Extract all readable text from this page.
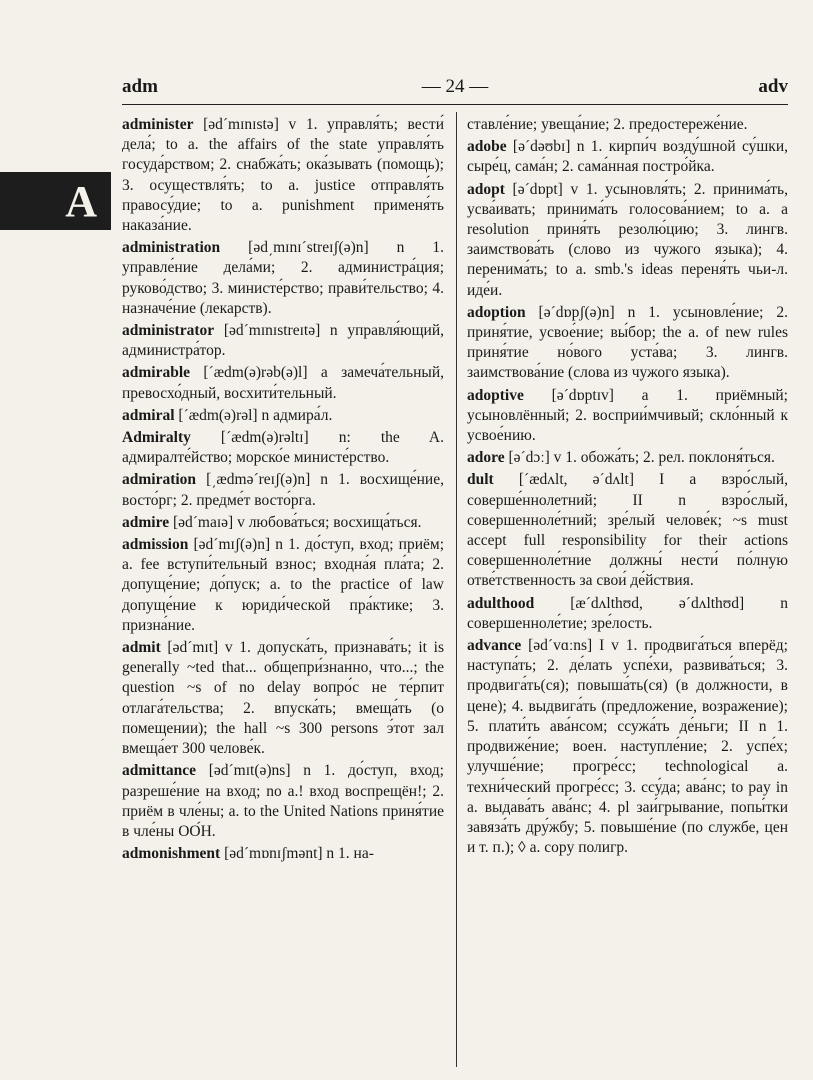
adm	— 24 —	adv
A
administer [əd´mɪnɪstə] v 1. управля́ть; вести́ дела́; to a. the affairs of the state управля́ть госуда́рством; 2. снабжа́ть; ока́зывать (помощь); 3. осуществля́ть; to a. justice отправля́ть правосу́дие; to a. punishment применя́ть наказа́ние.
administration [əd͵mɪnɪ´streɪʃ(ə)n] n 1. управле́ние дела́ми; 2. администра́ция; руково́дство; 3. министе́рство; прави́тельство; 4. назначе́ние (лекарств).
administrator [əd´mɪnɪstreɪtə] n управля́ющий, администра́тор.
admirable [´ædm(ə)rəb(ə)l] a замеча́тельный, превосхо́дный, восхити́тельный.
admiral [´ædm(ə)rəl] n адмира́л.
Admiralty [´ædm(ə)rəltɪ] n: the A. адмиралте́йство; морско́е министе́рство.
admiration [͵ædmə´reɪʃ(ə)n] n 1. восхище́ние, восто́рг; 2. предме́т восто́рга.
admire [əd´maɪə] v любова́ться; восхища́ться.
admission [əd´mɪʃ(ə)n] n 1. до́ступ, вход; приём; a. fee вступи́тельный взнос; входна́я пла́та; 2. допуще́ние; до́пуск; a. to the practice of law допуще́ние к юриди́ческой пра́ктике; 3. призна́ние.
admit [əd´mɪt] v 1. допуска́ть, признава́ть; it is generally ~ted that... общепри́знанно, что...; the question ~s of no delay вопро́с не те́рпит отлага́тельства; 2. впуска́ть; вмеща́ть (о помещении); the hall ~s 300 persons э́тот зал вмеща́ет 300 челове́к.
admittance [əd´mɪt(ə)ns] n 1. до́ступ, вход; разреше́ние на вход; no a.! вход воспрещён!; 2. приём в чле́ны; a. to the United Nations приня́тие в чле́ны ОО́Н.
admonishment [əd´mɒnɪʃmənt] n 1. на-
ставле́ние; увеща́ние; 2. предостереже́ние.
adobe [ə´dəʊbɪ] n 1. кирпи́ч возду́шной су́шки, сыре́ц, сама́н; 2. сама́нная постро́йка.
adopt [ə´dɒpt] v 1. усыновля́ть; 2. принима́ть, усва́ивать; принима́ть голосова́нием; to a. a resolution приня́ть резолю́цию; 3. лингв. заимствова́ть (слово из чужого языка); 4. перенима́ть; to a. smb.'s ideas переня́ть чьи-л. иде́и.
adoption [ə´dɒpʃ(ə)n] n 1. усыновле́ние; 2. приня́тие, усвое́ние; вы́бор; the a. of new rules приня́тие но́вого уста́ва; 3. лингв. заимствова́ние (слова из чужого языка).
adoptive [ə´dɒptɪv] a 1. приёмный; усыновлённый; 2. восприи́мчивый; скло́нный к усвое́нию.
adore [ə´dɔː] v 1. обожа́ть; 2. рел. поклоня́ться.
dult [´ædʌlt, ə´dʌlt] I a взро́слый, соверше́ннолетний; II n взро́слый, совершенноле́тний; зре́лый челове́к; ~s must accept full responsibility for their actions совершенноле́тние должны́ нести́ по́лную отве́тственность за свои́ де́йствия.
adulthood [æ´dʌlthʊd, ə´dʌlthʊd] n совершенноле́тие; зре́лость.
advance [əd´vɑːns] I v 1. продвига́ться вперёд; наступа́ть; 2. де́лать успе́хи, развива́ться; 3. продвига́ть(ся); повыша́ть(ся) (в должности, в цене); 4. выдвига́ть (предложение, возражение); 5. плати́ть ава́нсом; ссужа́ть де́ньги; II n 1. продвиже́ние; воен. наступле́ние; 2. успе́х; улучше́ние; прогре́сс; technological a. техни́ческий прогре́сс; 3. ссу́да; ава́нс; to pay in a. выдава́ть ава́нс; 4. pl заи́грывание, попы́тки завяза́ть дру́жбу; 5. повыше́ние (по службе, цен и т. п.); ◊ a. copy полигр.
